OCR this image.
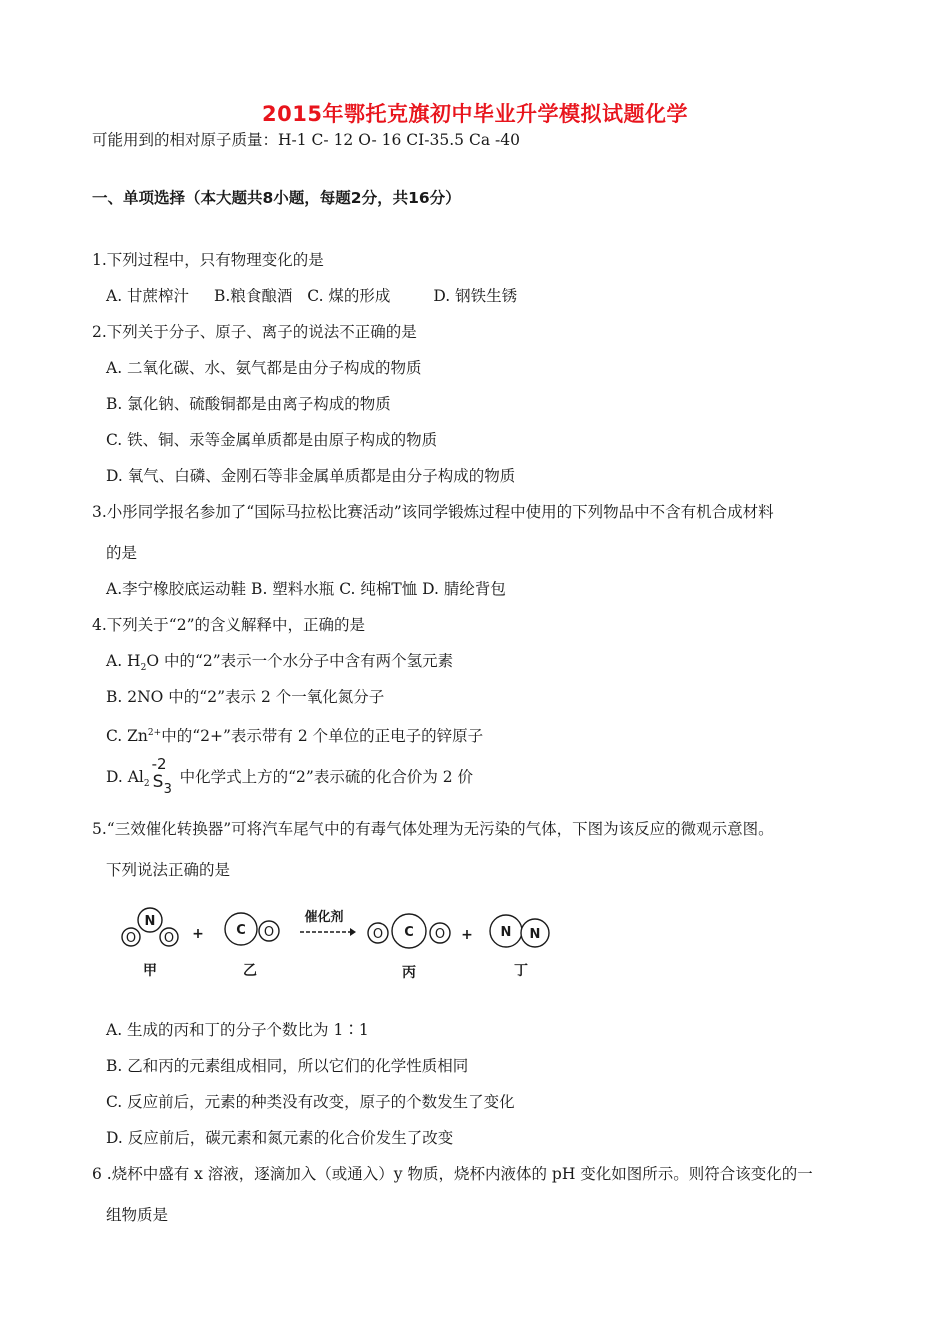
2015年鄂托克旗初中毕业升学模拟试题化学
可能用到的相对原子质量：H-1 C- 12 O- 16 CI-35.5 Ca -40
一、单项选择（本大题共8小题，每题2分，共16分）
1.下列过程中，只有物理变化的是
A. 甘蔗榨汁 B.粮食酿酒 C. 煤的形成	D. 钢铁生锈
2.下列关于分子、原子、离子的说法不正确的是
A. 二氧化碳、水、氨气都是由分子构成的物质
B. 氯化钠、硫酸铜都是由离子构成的物质
C. 铁、铜、汞等金属单质都是由原子构成的物质
D. 氧气、白磷、金刚石等非金属单质都是由分子构成的物质
3.小彤同学报名参加了“国际马拉松比赛活动”该同学锻炼过程中使用的下列物品中不含有机合成材料
的是
A.李宁橡胶底运动鞋 B. 塑料水瓶 C. 纯棉T恤 D. 腈纶背包
4.下列关于“2”的含义解释中，正确的是
A. $H_2O$ 中的“2”表示一个水分子中含有两个氢元素
B. 2NO 中的“2”表示 2 个一氧化氮分子
C. $Zn^{2+}$中的“2+”表示带有 2 个单位的正电子的锌原子
D. $Al_2$
-2
S 3
中化学式上方的“2”表示硫的化合价为 2 价
5.“三效催化转换器”可将汽车尾气中的有毒气体处理为无污染的气体，下图为该反应的微观示意图。
下列说法正确的是
N
O O
C O	O C O	N N
+	+
催化剂
甲	乙	丙	丁
A. 生成的丙和丁的分子个数比为 1∶1
B. 乙和丙的元素组成相同，所以它们的化学性质相同
C. 反应前后，元素的种类没有改变，原子的个数发生了变化
D. 反应前后，碳元素和氮元素的化合价发生了改变
6 .烧杯中盛有 x 溶液，逐滴加入（或通入）y 物质，烧杯内液体的 pH 变化如图所示。则符合该变化的一
组物质是
